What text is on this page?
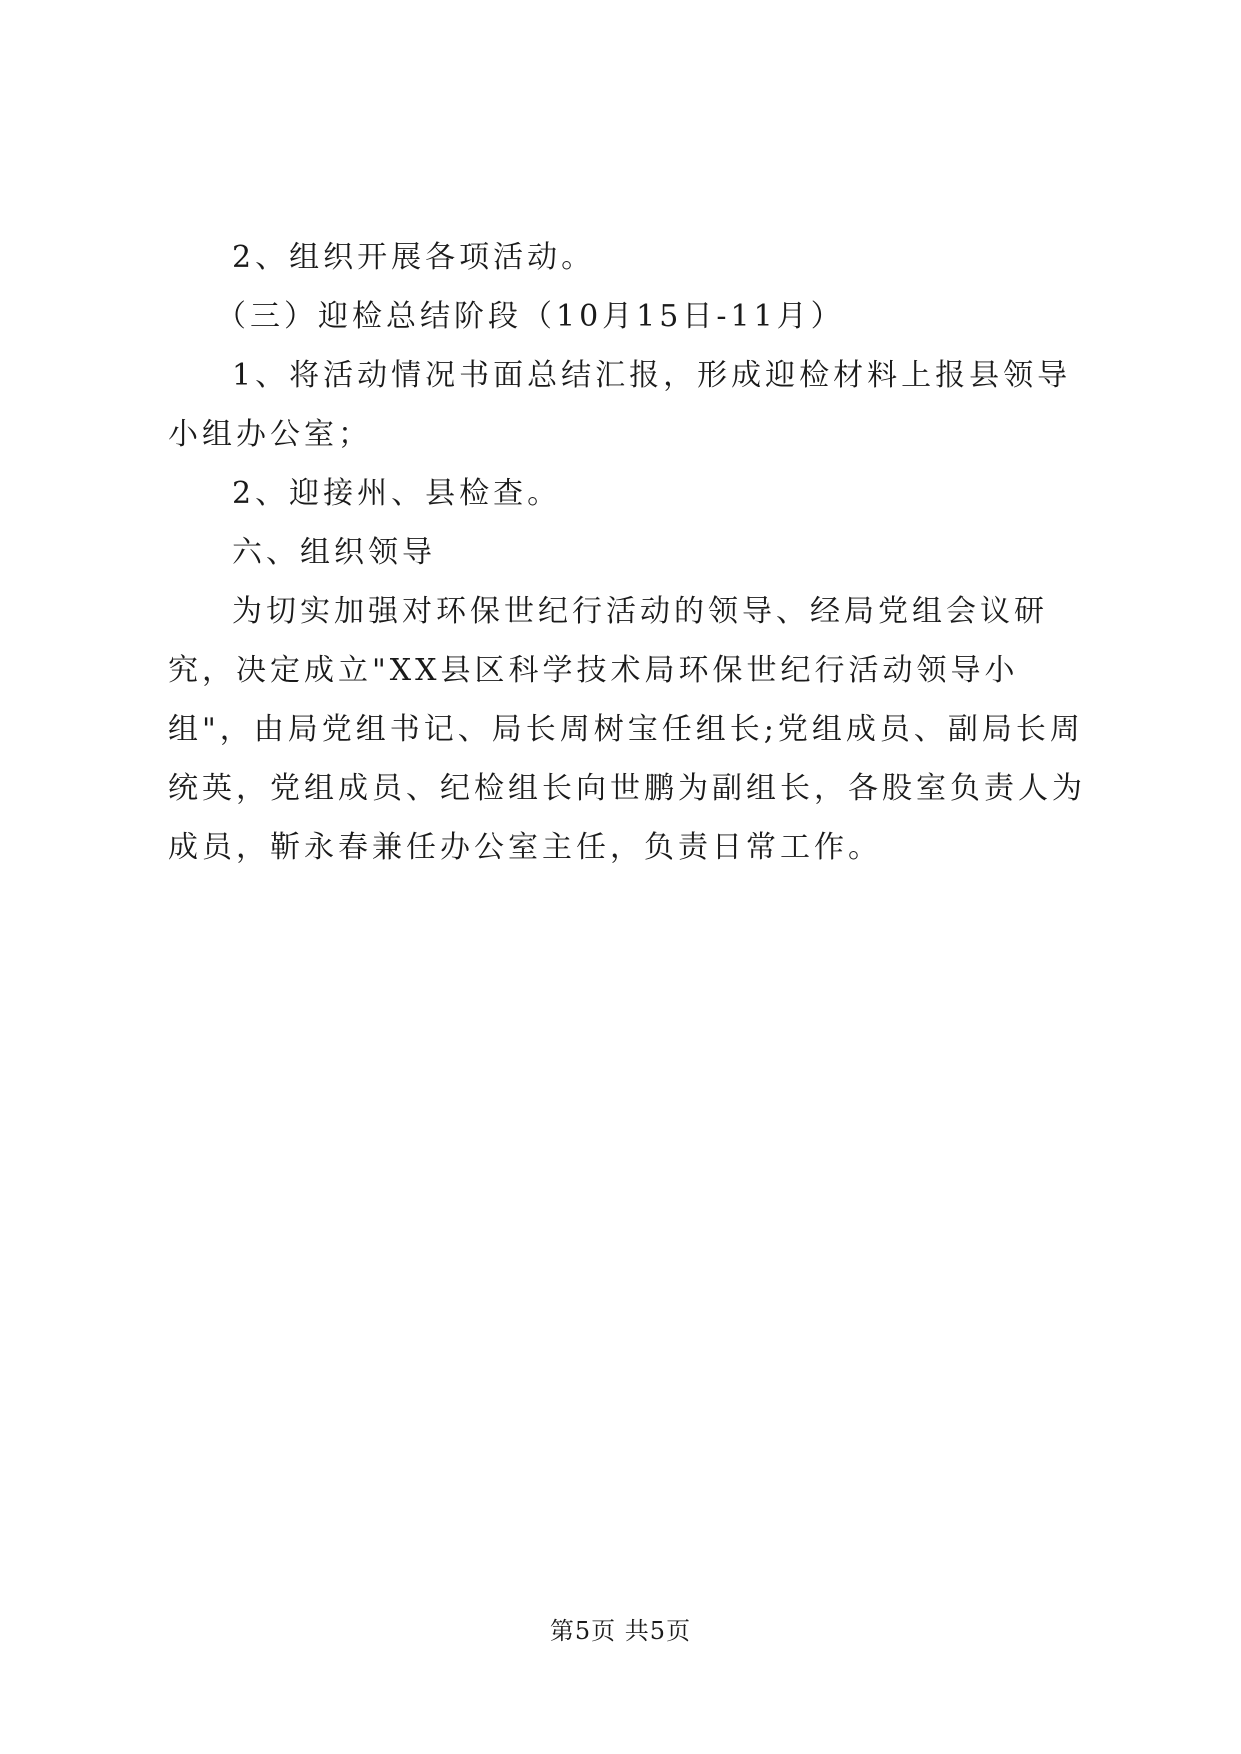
2、组织开展各项活动。

（三）迎检总结阶段（10月15日-11月）

1、将活动情况书面总结汇报，形成迎检材料上报县领导小组办公室；

2、迎接州、县检查。

六、组织领导

为切实加强对环保世纪行活动的领导、经局党组会议研究，决定成立"XX县区科学技术局环保世纪行活动领导小组"，由局党组书记、局长周树宝任组长;党组成员、副局长周统英，党组成员、纪检组长向世鹏为副组长，各股室负责人为成员，靳永春兼任办公室主任，负责日常工作。

第5页 共5页
